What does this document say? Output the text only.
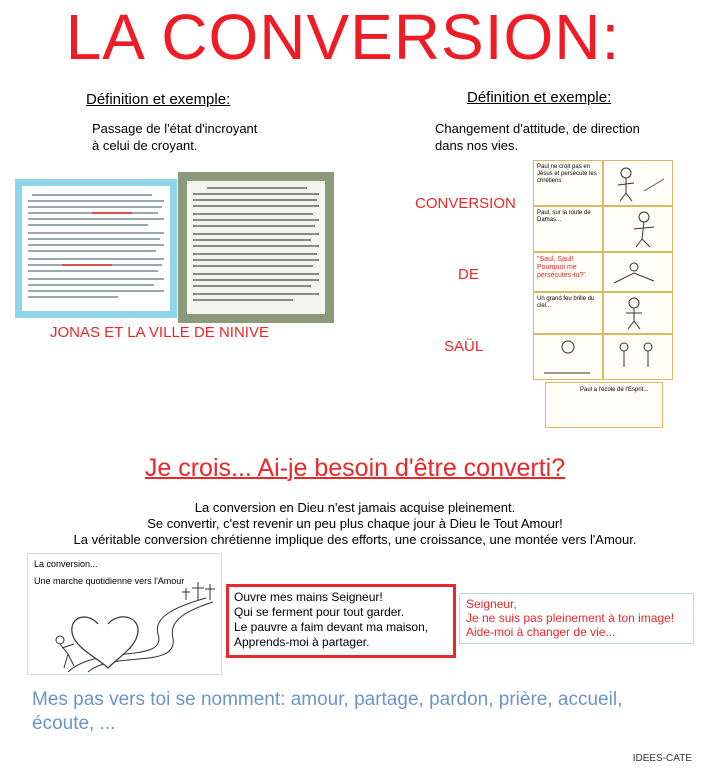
LA CONVERSION:
Définition et exemple:
Passage de l'état d'incroyant
à celui de croyant.
Définition et exemple:
Changement d'attitude, de direction
dans nos vies.
JONAS ET LA VILLE DE NINIVE
CONVERSION
DE
SAÜL
Paul ne croit pas en Jésus et persécute les chrétiens
Paul, sur la route de Damas...
"Saul, Saul! Pourquoi me persécutes-tu?"
Un grand feu brille du ciel...
Paul a l'école de l'Esprit...
Je crois... Ai-je besoin d'être converti?
La conversion en Dieu n'est jamais acquise pleinement.
Se convertir, c'est revenir un peu plus chaque jour à Dieu le Tout Amour!
La véritable conversion chrétienne implique des efforts, une croissance, une montée vers l'Amour.
La conversion...
Une marche quotidienne vers l'Amour
Ouvre mes mains Seigneur!
Qui se ferment pour tout garder.
Le pauvre a faim devant ma maison,
Apprends-moi à partager.
Seigneur,
Je ne suis pas pleinement à ton image!
Aide-moi à changer de vie...
Mes pas vers toi se nomment: amour, partage, pardon, prière, accueil, écoute, ...
IDEES-CATE
